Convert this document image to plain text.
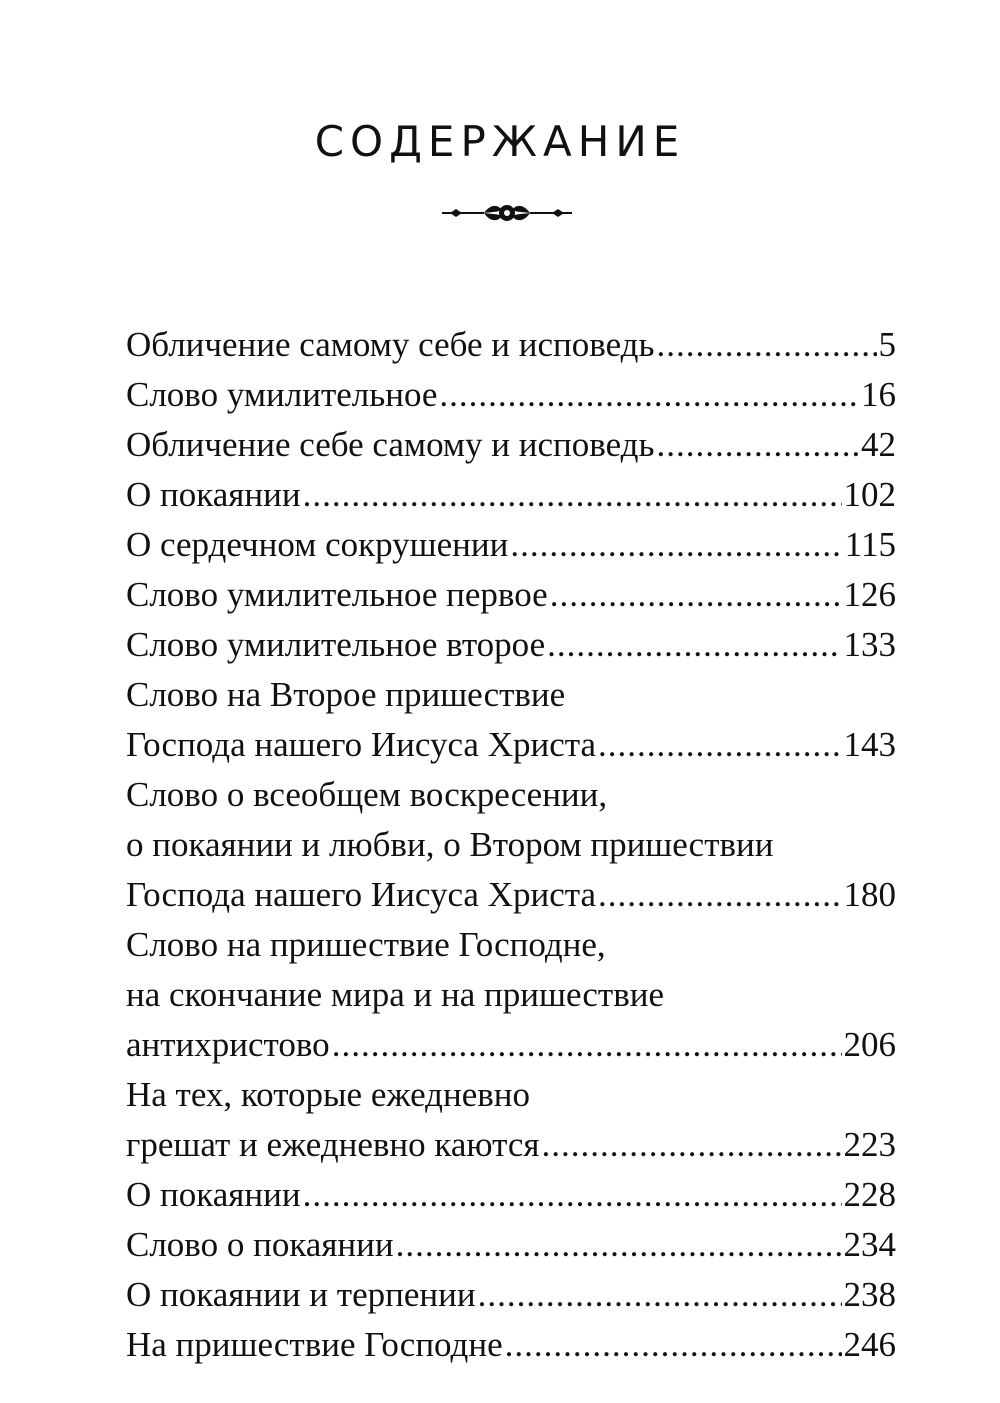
СОДЕРЖАНИЕ
Обличение самому себе и исповедь .....	5
Слово умилительное .....	16
Обличение себе самому и исповедь .....	42
О покаянии .....	102
О сердечном сокрушении .....	115
Слово умилительное первое .....	126
Слово умилительное второе .....	133
Слово на Второе пришествие
Господа нашего Иисуса Христа .....	143
Слово о всеобщем воскресении,
о покаянии и любви, о Втором пришествии
Господа нашего Иисуса Христа .....	180
Слово на пришествие Господне,
на скончание мира и на пришествие
антихристово .....	206
На тех, которые ежедневно
грешат и ежедневно каются .....	223
О покаянии .....	228
Слово о покаянии .....	234
О покаянии и терпении .....	238
На пришествие Господне .....	246
